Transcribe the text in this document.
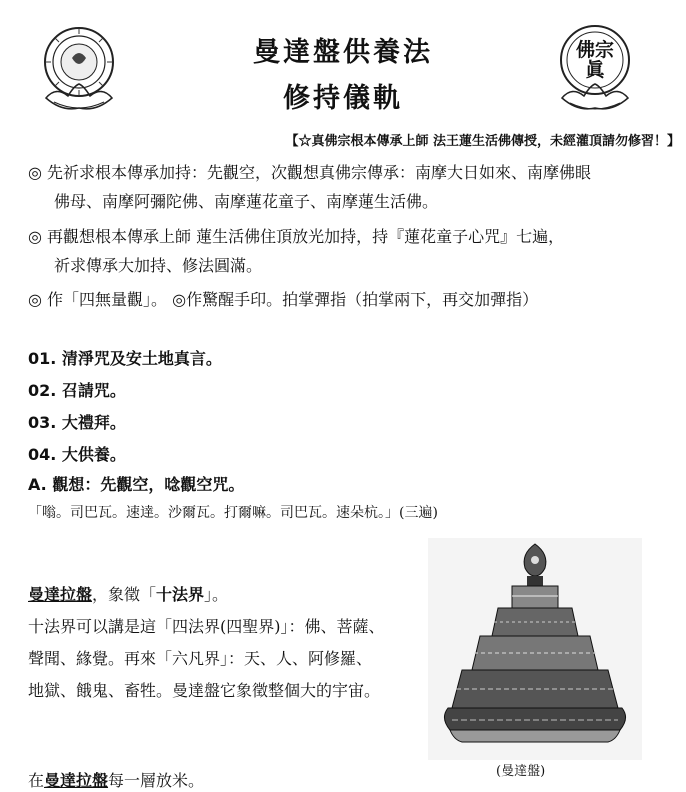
佛宗眞
曼達盤供養法
修持儀軌
【☆真佛宗根本傳承上師 法王蓮生活佛傳授，未經灌頂請勿修習！】
◎ 先祈求根本傳承加持：先觀空，次觀想真佛宗傳承：南摩大日如來、南摩佛眼
佛母、南摩阿彌陀佛、南摩蓮花童子、南摩蓮生活佛。
◎ 再觀想根本傳承上師 蓮生活佛住頂放光加持，持『蓮花童子心咒』七遍，
祈求傳承大加持、修法圓滿。
◎ 作「四無量觀」。 ◎作驚醒手印。拍掌彈指（拍掌兩下，再交加彈指）
01. 清淨咒及安土地真言。
02. 召請咒。
03. 大禮拜。
04. 大供養。
A. 觀想：先觀空，唸觀空咒。
「嗡。司巴瓦。速達。沙爾瓦。打爾嘛。司巴瓦。速朵杭。」(三遍)
曼達拉盤，象徵「十法界」。
十法界可以講是這「四法界(四聖界)」：佛、菩薩、
聲聞、緣覺。再來「六凡界」：天、人、阿修羅、
地獄、餓鬼、畜牲。曼達盤它象徵整個大的宇宙。
在曼達拉盤每一層放米。	(曼達盤)
